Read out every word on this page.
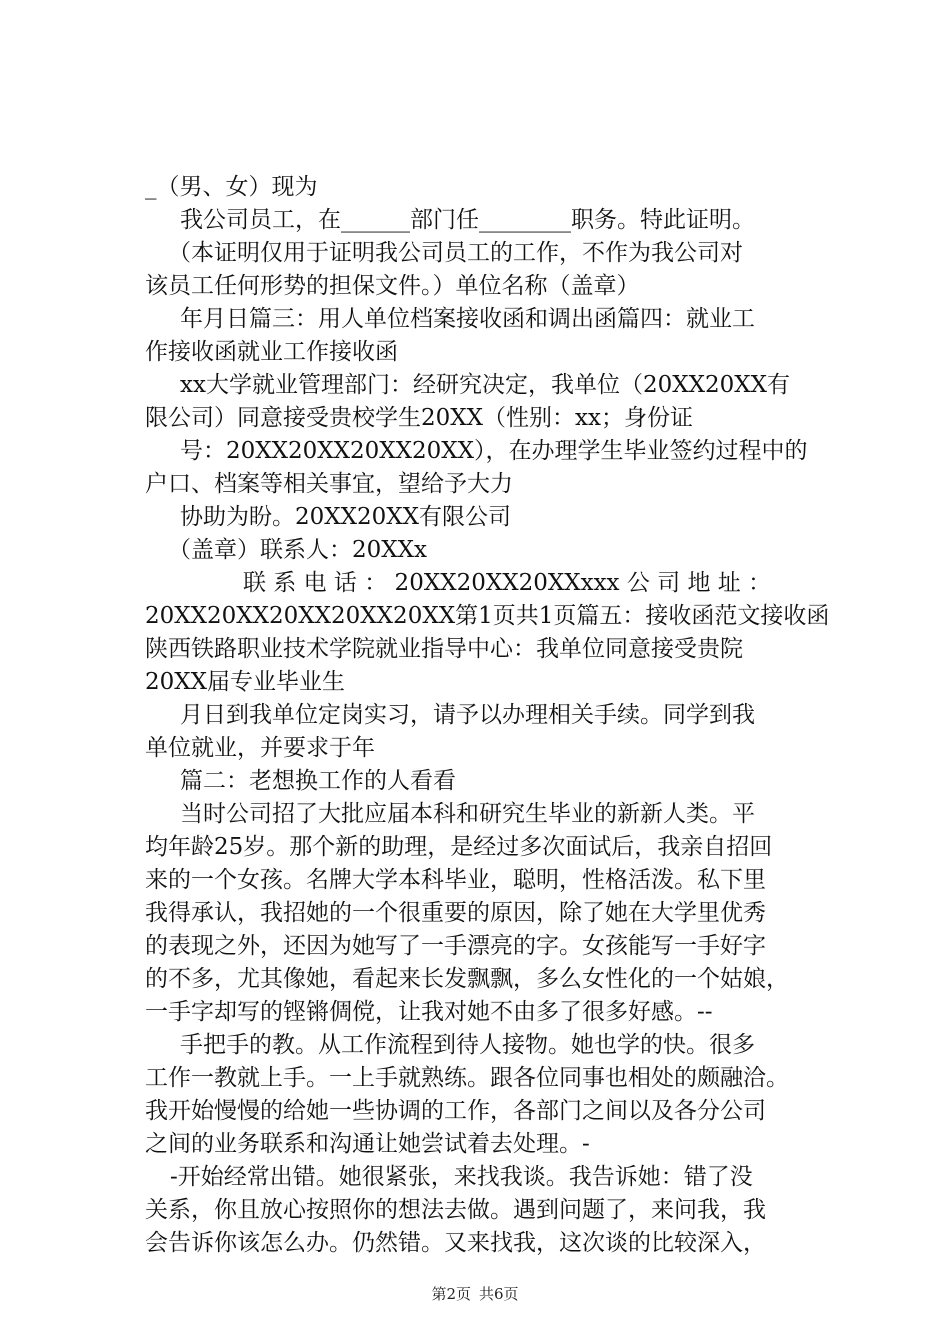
_（男、女）现为
我公司员工，在______部门任________职务。特此证明。
（本证明仅用于证明我公司员工的工作，不作为我公司对
该员工任何形势的担保文件。）单位名称（盖章）
年月日篇三：用人单位档案接收函和调出函篇四：就业工
作接收函就业工作接收函
xx大学就业管理部门：经研究决定，我单位（20XX20XX有
限公司）同意接受贵校学生20XX（性别：xx；身份证
号：20XX20XX20XX20XX），在办理学生毕业签约过程中的
户口、档案等相关事宜，望给予大力
协助为盼。20XX20XX有限公司
（盖章）联系人：20XXx
联 系 电 话 ： 20XX20XX20XXxxx 公 司 地 址 ：
20XX20XX20XX20XX20XX第1页共1页篇五：接收函范文接收函
陕西铁路职业技术学院就业指导中心：我单位同意接受贵院
20XX届专业毕业生
月日到我单位定岗实习，请予以办理相关手续。同学到我
单位就业，并要求于年
篇二：老想换工作的人看看
当时公司招了大批应届本科和研究生毕业的新新人类。平
均年龄25岁。那个新的助理，是经过多次面试后，我亲自招回
来的一个女孩。名牌大学本科毕业，聪明，性格活泼。私下里
我得承认，我招她的一个很重要的原因，除了她在大学里优秀
的表现之外，还因为她写了一手漂亮的字。女孩能写一手好字
的不多，尤其像她，看起来长发飘飘，多么女性化的一个姑娘，
一手字却写的铿锵倜傥，让我对她不由多了很多好感。--
手把手的教。从工作流程到待人接物。她也学的快。很多
工作一教就上手。一上手就熟练。跟各位同事也相处的颇融洽。
我开始慢慢的给她一些协调的工作，各部门之间以及各分公司
之间的业务联系和沟通让她尝试着去处理。-
-开始经常出错。她很紧张，来找我谈。我告诉她：错了没
关系，你且放心按照你的想法去做。遇到问题了，来问我，我
会告诉你该怎么办。仍然错。又来找我，这次谈的比较深入，
第2页 共6页
